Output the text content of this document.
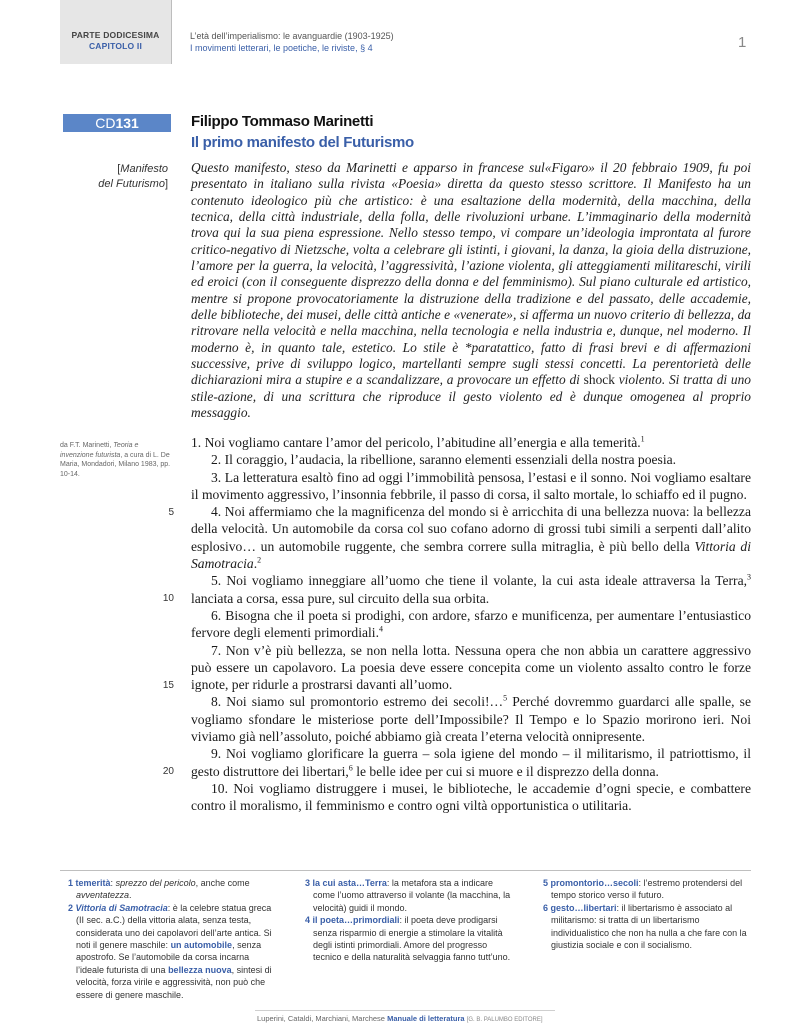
PARTE DODICESIMA
CAPITOLO II
L’età dell’imperialismo: le avanguardie (1903-1925)
I movimenti letterari, le poetiche, le riviste, § 4	1
CD131	Filippo Tommaso Marinetti
Il primo manifesto del Futurismo
[Manifesto
del Futurismo]
Questo manifesto, steso da Marinetti e apparso in francese sul«Figaro» il 20 febbraio 1909, fu poi presentato in italiano sulla rivista «Poesia» diretta da questo stesso scrittore. Il Manifesto ha un contenuto ideologico più che artistico: è una esaltazione della modernità, della macchina, della tecnica, della città industriale, della folla, delle rivoluzioni urbane. L’immaginario della modernità trova qui la sua piena espressione. Nello stesso tempo, vi compare un’ideologia improntata al furore critico-negativo di Nietzsche, volta a celebrare gli istinti, i giovani, la danza, la gioia della distruzione, l’amore per la guerra, la velocità, l’aggressività, l’azione violenta, gli atteggiamenti militareschi, virili ed eroici (con il conseguente disprezzo della donna e del femminismo). Sul piano culturale ed artistico, mentre si propone provocatoriamente la distruzione della tradizione e del passato, delle accademie, delle biblioteche, dei musei, delle città antiche e «venerate», si afferma un nuovo criterio di bellezza, da ritrovare nella velocità e nella macchina, nella tecnologia e nella industria e, dunque, nel moderno. Il moderno è, in quanto tale, estetico. Lo stile è *paratattico, fatto di frasi brevi e di affermazioni successive, prive di sviluppo logico, martellanti sempre sugli stessi concetti. La perentorietà delle dichiarazioni mira a stupire e a scandalizzare, a provocare un effetto di shock violento. Si tratta di uno stile-azione, di una scrittura che riproduce il gesto violento ed è dunque omogenea al proprio messaggio.
da F.T. Marinetti, Teoria e invenzione futurista, a cura di L. De Maria, Mondadori, Milano 1983, pp. 10-14.
5
10
15
20

1. Noi vogliamo cantare l’amor del pericolo, l’abitudine all’energia e alla temerità.$^1$

2. Il coraggio, l’audacia, la ribellione, saranno elementi essenziali della nostra poesia.

3. La letteratura esaltò fino ad oggi l’immobilità pensosa, l’estasi e il sonno. Noi vogliamo esaltare il movimento aggressivo, l’insonnia febbrile, il passo di corsa, il salto mortale, lo schiaffo ed il pugno.

4. Noi affermiamo che la magnificenza del mondo si è arricchita di una bellezza nuova: la bellezza della velocità. Un automobile da corsa col suo cofano adorno di grossi tubi simili a serpenti dall’alito esplosivo… un automobile ruggente, che sembra correre sulla mitraglia, è più bello della Vittoria di Samotracia.$^2$

5. Noi vogliamo inneggiare all’uomo che tiene il volante, la cui asta ideale attraversa la Terra,$^3$ lanciata a corsa, essa pure, sul circuito della sua orbita.

6. Bisogna che il poeta si prodighi, con ardore, sfarzo e munificenza, per aumentare l’entusiastico fervore degli elementi primordiali.$^4$

7. Non v’è più bellezza, se non nella lotta. Nessuna opera che non abbia un carattere aggressivo può essere un capolavoro. La poesia deve essere concepita come un violento assalto contro le forze ignote, per ridurle a prostrarsi davanti all’uomo.

8. Noi siamo sul promontorio estremo dei secoli!…$^5$ Perché dovremmo guardarci alle spalle, se vogliamo sfondare le misteriose porte dell’Impossibile? Il Tempo e lo Spazio morirono ieri. Noi viviamo già nell’assoluto, poiché abbiamo già creata l’eterna velocità onnipresente.

9. Noi vogliamo glorificare la guerra – sola igiene del mondo – il militarismo, il patriottismo, il gesto distruttore dei libertari,$^6$ le belle idee per cui si muore e il disprezzo della donna.

10. Noi vogliamo distruggere i musei, le biblioteche, le accademie d’ogni specie, e combattere contro il moralismo, il femminismo e contro ogni viltà opportunistica o utilitaria.

1 temerità: sprezzo del pericolo, anche come avventatezza.

2 Vittoria di Samotracia: è la celebre statua greca (II sec. a.C.) della vittoria alata, senza testa, considerata uno dei capolavori dell’arte antica. Si noti il genere maschile: un automobile, senza apostrofo. Se l’automobile da corsa incarna l’ideale futurista di una bellezza nuova, sintesi di velocità, forza virile e aggressività, non può che essere di genere maschile.

3 la cui asta…Terra: la metafora sta a indicare come l’uomo attraverso il volante (la macchina, la velocità) guidi il mondo.

4 il poeta…primordiali: il poeta deve prodigarsi senza risparmio di energie a stimolare la vitalità degli istinti primordiali. Amore del progresso tecnico e della naturalità selvaggia fanno tutt’uno.

5 promontorio…secoli: l’estremo protendersi del tempo storico verso il futuro.

6 gesto…libertari: il libertarismo è associato al militarismo: si tratta di un libertarismo individualistico che non ha nulla a che fare con la giustizia sociale e con il socialismo.

Luperini, Cataldi, Marchiani, Marchese Manuale di letteratura [G. B. PALUMBO EDITORE]
